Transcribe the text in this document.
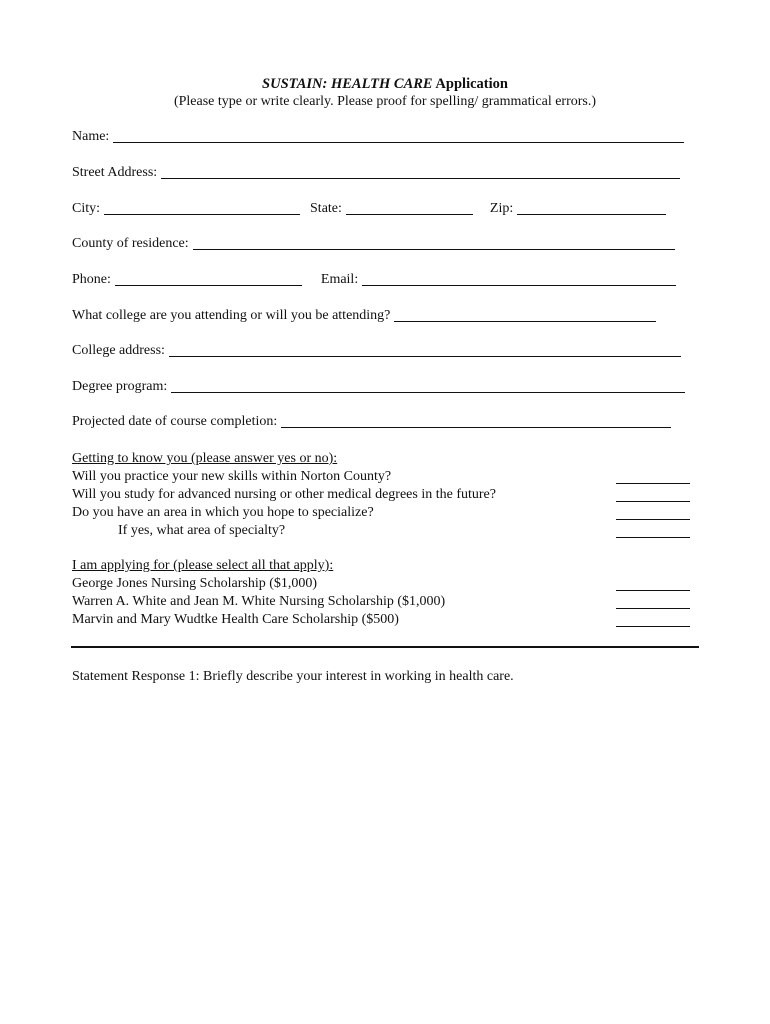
SUSTAIN: HEALTH CARE Application
(Please type or write clearly. Please proof for spelling/ grammatical errors.)
Name:
Street Address:
City:	State:	Zip:
County of residence:
Phone:	Email:
What college are you attending or will you be attending?
College address:
Degree program:
Projected date of course completion:
Getting to know you (please answer yes or no):
Will you practice your new skills within Norton County?
Will you study for advanced nursing or other medical degrees in the future?
Do you have an area in which you hope to specialize?
If yes, what area of specialty?
I am applying for (please select all that apply):
George Jones Nursing Scholarship ($1,000)
Warren A. White and Jean M. White Nursing Scholarship ($1,000)
Marvin and Mary Wudtke Health Care Scholarship ($500)
Statement Response 1: Briefly describe your interest in working in health care.
